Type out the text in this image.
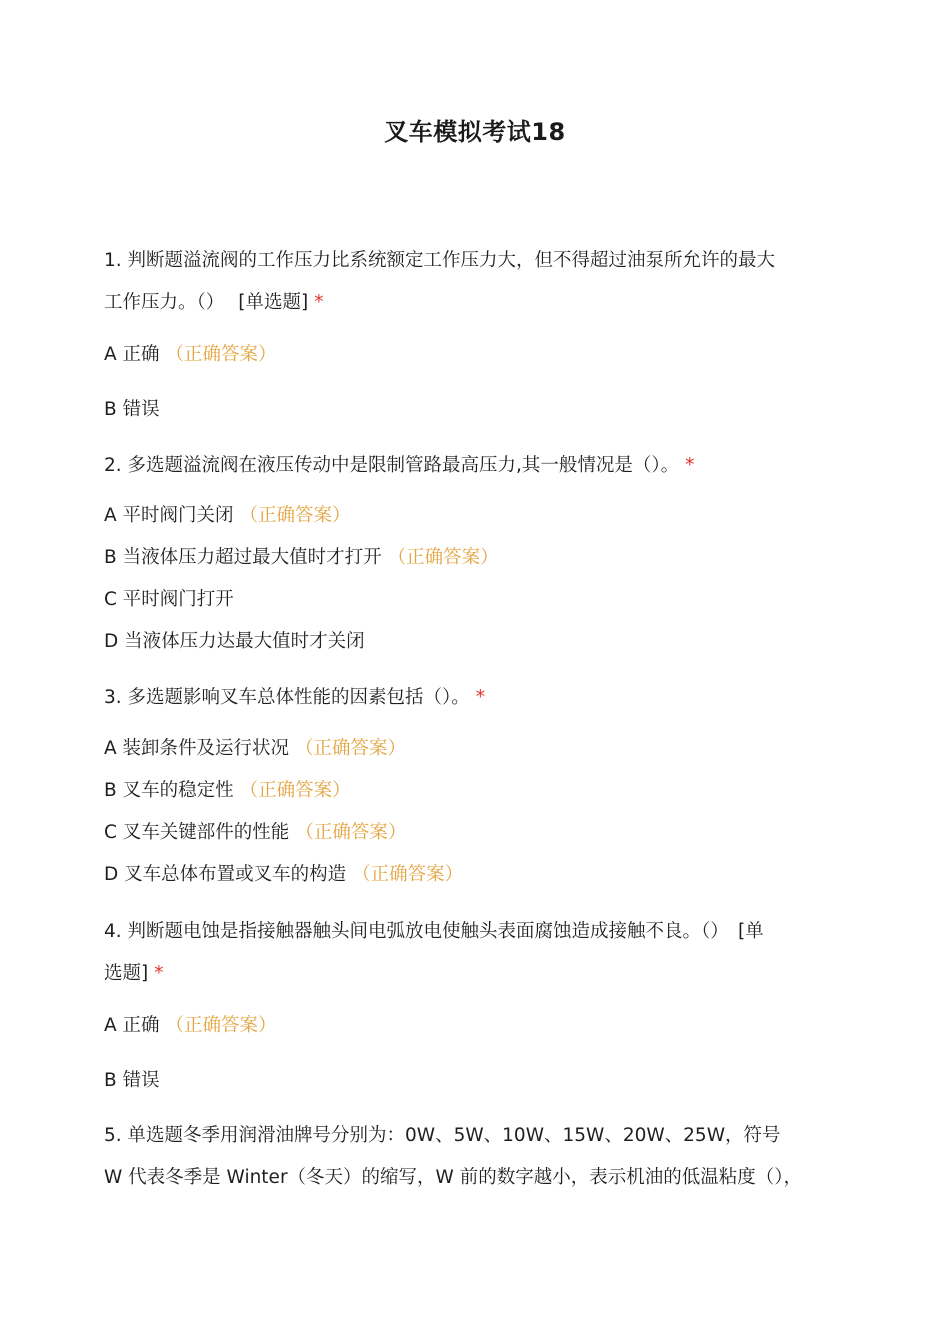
叉车模拟考试18
1. 判断题溢流阀的工作压力比系统额定工作压力大，但不得超过油泵所允许的最大
工作压力。（） [单选题] *
A 正确 （正确答案）
B 错误
2. 多选题溢流阀在液压传动中是限制管路最高压力,其一般情况是（）。 *
A 平时阀门关闭 （正确答案）
B 当液体压力超过最大值时才打开 （正确答案）
C 平时阀门打开
D 当液体压力达最大值时才关闭
3. 多选题影响叉车总体性能的因素包括（）。 *
A 装卸条件及运行状况 （正确答案）
B 叉车的稳定性 （正确答案）
C 叉车关键部件的性能 （正确答案）
D 叉车总体布置或叉车的构造 （正确答案）
4. 判断题电蚀是指接触器触头间电弧放电使触头表面腐蚀造成接触不良。（）　[单
选题] *
A 正确 （正确答案）
B 错误
5. 单选题冬季用润滑油牌号分别为：0W、5W、10W、15W、20W、25W，符号
W 代表冬季是 Winter（冬天）的缩写，W 前的数字越小，表示机油的低温粘度（），
